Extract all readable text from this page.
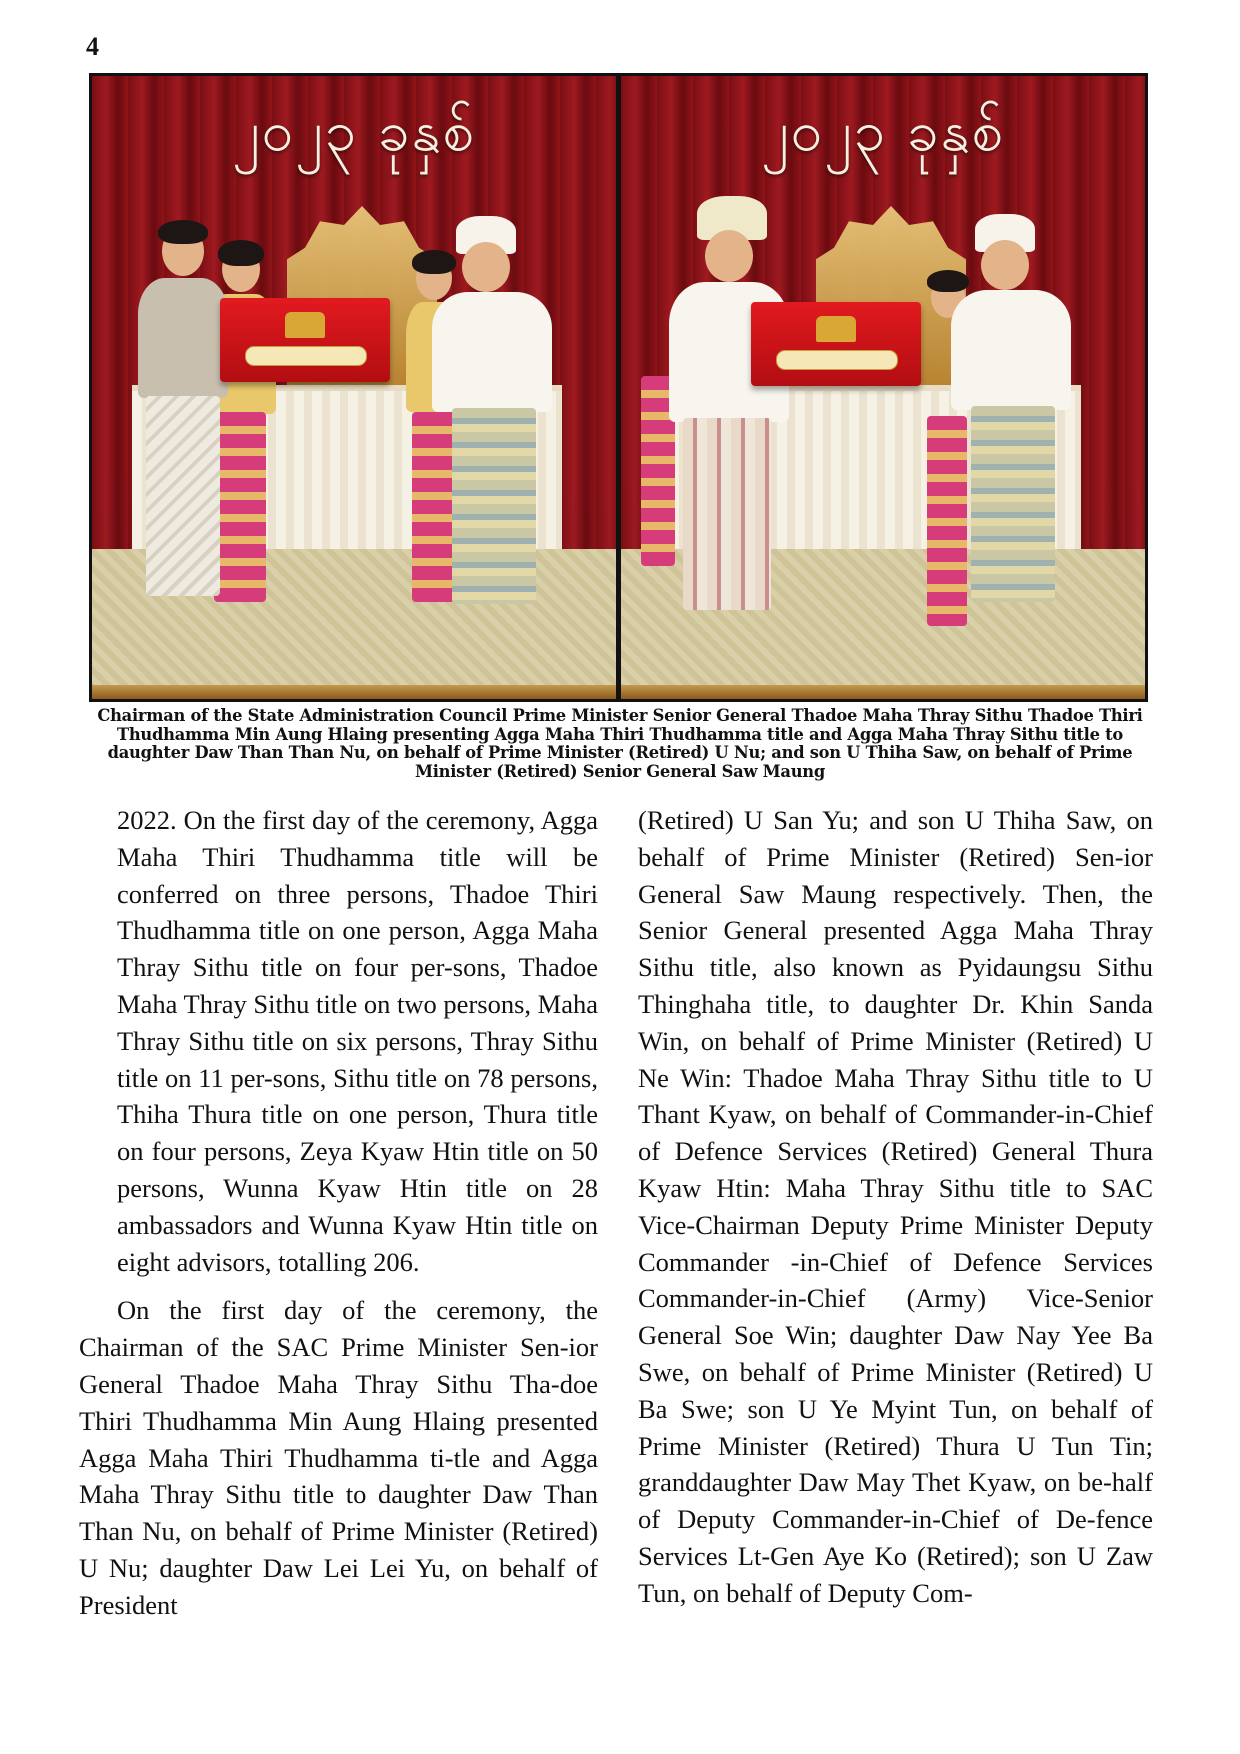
4
၂၀၂၃ ခုနှစ်	၂၀၂၃ ခုနှစ်
Chairman of the State Administration Council Prime Minister Senior General Thadoe Maha Thray Sithu Thadoe Thiri Thudhamma Min Aung Hlaing presenting Agga Maha Thiri Thudhamma title and Agga Maha Thray Sithu title to daughter Daw Than Than Nu, on behalf of Prime Minister (Retired) U Nu; and son U Thiha Saw, on behalf of Prime Minister (Retired) Senior General Saw Maung

2022. On the first day of the ceremony, Agga Maha Thiri Thudhamma title will be conferred on three persons, Thadoe Thiri Thudhamma title on one person, Agga Maha Thray Sithu title on four per-sons, Thadoe Maha Thray Sithu title on two persons, Maha Thray Sithu title on six persons, Thray Sithu title on 11 per-sons, Sithu title on 78 persons, Thiha Thura title on one person, Thura title on four persons, Zeya Kyaw Htin title on 50 persons, Wunna Kyaw Htin title on 28 ambassadors and Wunna Kyaw Htin title on eight advisors, totalling 206.

On the first day of the ceremony, the Chairman of the SAC Prime Minister Sen-ior General Thadoe Maha Thray Sithu Tha-doe Thiri Thudhamma Min Aung Hlaing presented Agga Maha Thiri Thudhamma ti-tle and Agga Maha Thray Sithu title to daughter Daw Than Than Nu, on behalf of Prime Minister (Retired) U Nu; daughter Daw Lei Lei Yu, on behalf of President

(Retired) U San Yu; and son U Thiha Saw, on behalf of Prime Minister (Retired) Sen-ior General Saw Maung respectively. Then, the Senior General presented Agga Maha Thray Sithu title, also known as Pyidaungsu Sithu Thinghaha title, to daughter Dr. Khin Sanda Win, on behalf of Prime Minister (Retired) U Ne Win: Thadoe Maha Thray Sithu title to U Thant Kyaw, on behalf of Commander-in-Chief of Defence Services (Retired) General Thura Kyaw Htin: Maha Thray Sithu title to SAC Vice-Chairman Deputy Prime Minister Deputy Commander -in-Chief of Defence Services Commander-in-Chief (Army) Vice-Senior General Soe Win; daughter Daw Nay Yee Ba Swe, on behalf of Prime Minister (Retired) U Ba Swe; son U Ye Myint Tun, on behalf of Prime Minister (Retired) Thura U Tun Tin; granddaughter Daw May Thet Kyaw, on be-half of Deputy Commander-in-Chief of De-fence Services Lt-Gen Aye Ko (Retired); son U Zaw Tun, on behalf of Deputy Com-
